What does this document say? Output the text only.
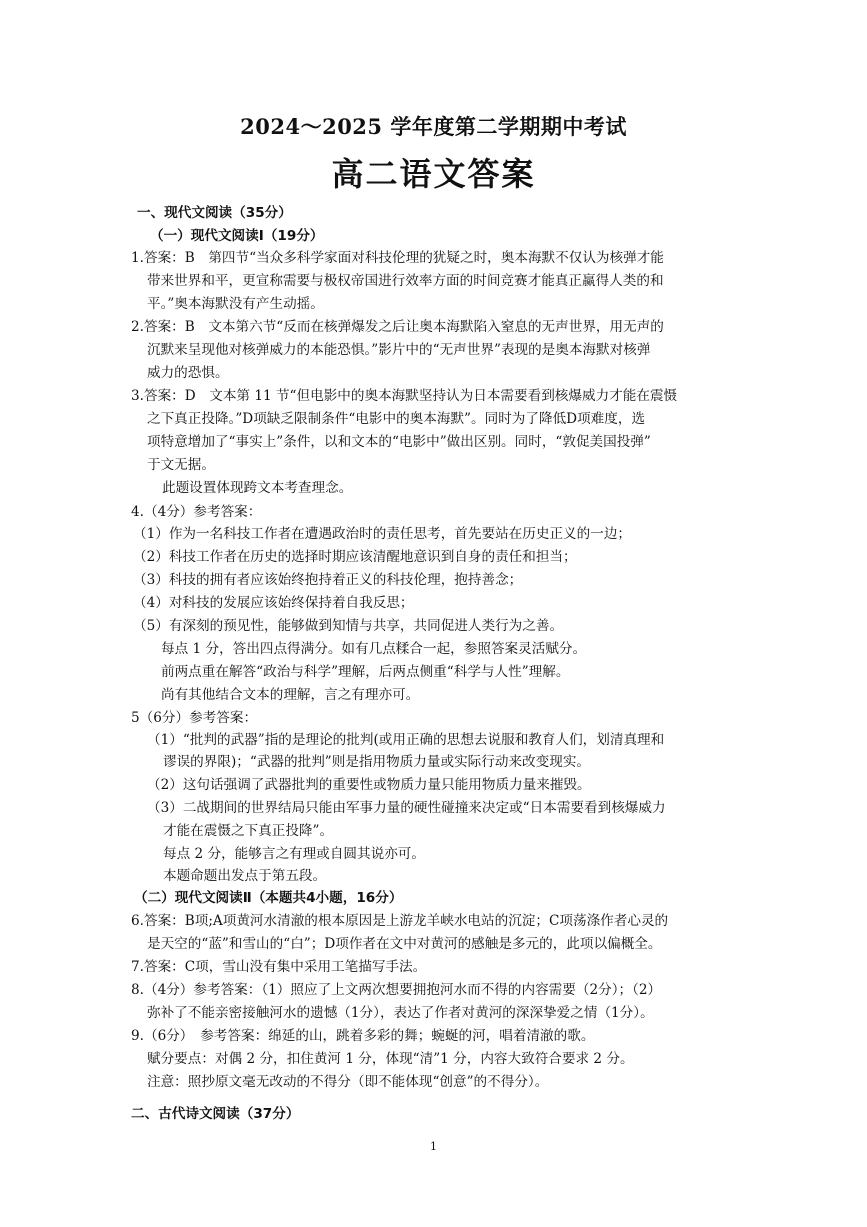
2024～2025 学年度第二学期期中考试
高二语文答案
一、现代文阅读（35分）
（一）现代文阅读Ⅰ（19分）
1.答案：B　第四节“当众多科学家面对科技伦理的犹疑之时，奥本海默不仅认为核弹才能
带来世界和平，更宣称需要与极权帝国进行效率方面的时间竞赛才能真正赢得人类的和
平。”奥本海默没有产生动摇。
2.答案：B　文本第六节“反而在核弹爆发之后让奥本海默陷入窒息的无声世界，用无声的
沉默来呈现他对核弹威力的本能恐惧。”影片中的“无声世界”表现的是奥本海默对核弹
威力的恐惧。
3.答案：D　文本第 11 节“但电影中的奥本海默坚持认为日本需要看到核爆威力才能在震慑
之下真正投降。”D项缺乏限制条件“电影中的奥本海默”。同时为了降低D项难度，选
项特意增加了“事实上”条件，以和文本的“电影中”做出区别。同时，“敦促美国投弹”
于文无据。
此题设置体现跨文本考查理念。
4.（4分）参考答案：
（1）作为一名科技工作者在遭遇政治时的责任思考，首先要站在历史正义的一边；
（2）科技工作者在历史的选择时期应该清醒地意识到自身的责任和担当；
（3）科技的拥有者应该始终抱持着正义的科技伦理，抱持善念；
（4）对科技的发展应该始终保持着自我反思；
（5）有深刻的预见性，能够做到知情与共享，共同促进人类行为之善。
每点 1 分，答出四点得满分。如有几点糅合一起，参照答案灵活赋分。
前两点重在解答“政治与科学”理解，后两点侧重“科学与人性”理解。
尚有其他结合文本的理解，言之有理亦可。
5（6分）参考答案：
（1）“批判的武器”指的是理论的批判(或用正确的思想去说服和教育人们，划清真理和
谬误的界限)；“武器的批判”则是指用物质力量或实际行动来改变现实。
（2）这句话强调了武器批判的重要性或物质力量只能用物质力量来摧毁。
（3）二战期间的世界结局只能由军事力量的硬性碰撞来决定或“日本需要看到核爆威力
才能在震慑之下真正投降”。
每点 2 分，能够言之有理或自圆其说亦可。
本题命题出发点于第五段。
（二）现代文阅读Ⅱ（本题共4小题，16分）
6.答案：B项;A项黄河水清澈的根本原因是上游龙羊峡水电站的沉淀；C项荡涤作者心灵的
是天空的“蓝”和雪山的“白”；D项作者在文中对黄河的感触是多元的，此项以偏概全。
7.答案：C项，雪山没有集中采用工笔描写手法。
8.（4分）参考答案：（1）照应了上文两次想要拥抱河水而不得的内容需要（2分）；（2）
弥补了不能亲密接触河水的遗憾（1分），表达了作者对黄河的深深挚爱之情（1分）。
9.（6分）　参考答案：绵延的山，跳着多彩的舞；蜿蜒的河，唱着清澈的歌。
赋分要点：对偶 2 分，扣住黄河 1 分，体现“清”1 分，内容大致符合要求 2 分。
注意：照抄原文毫无改动的不得分（即不能体现“创意”的不得分）。
二、古代诗文阅读（37分）
1
